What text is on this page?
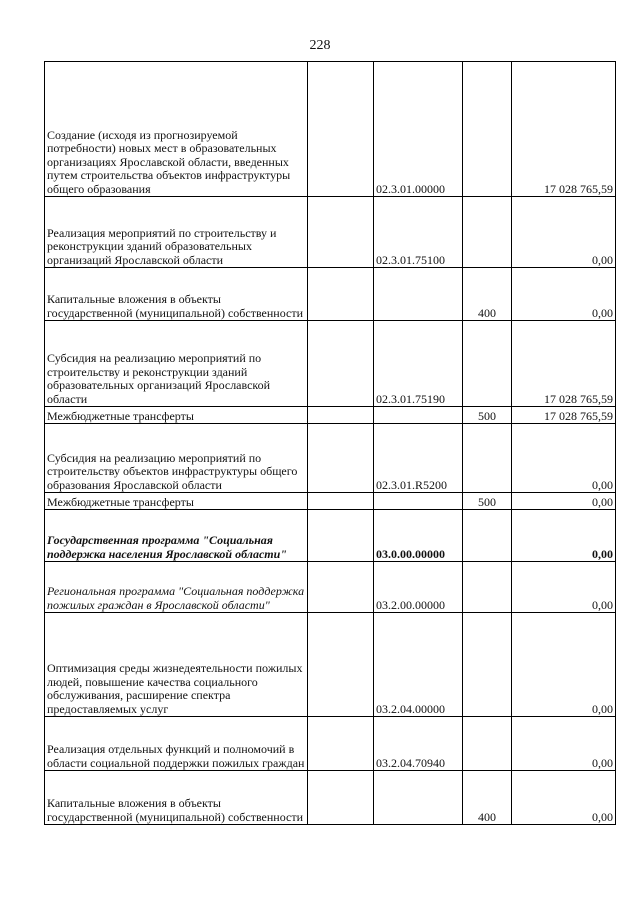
228
Создание (исходя из прогнозируемой потребности) новых мест в образовательных организациях Ярославской области, введенных путем строительства объектов инфраструктуры общего образования		02.3.01.00000		17 028 765,59
Реализация мероприятий по строительству и реконструкции зданий образовательных организаций Ярославской области		02.3.01.75100		0,00
Капитальные вложения в объекты государственной (муниципальной) собственности			400	0,00
Субсидия на реализацию мероприятий по строительству и реконструкции зданий образовательных организаций Ярославской области		02.3.01.75190		17 028 765,59
Межбюджетные трансферты			500	17 028 765,59
Субсидия на реализацию мероприятий по строительству объектов инфраструктуры общего образования Ярославской области		02.3.01.R5200		0,00
Межбюджетные трансферты			500	0,00
Государственная программа "Социальная поддержка населения Ярославской области"		03.0.00.00000		0,00
Региональная программа "Социальная поддержка пожилых граждан в Ярославской области"		03.2.00.00000		0,00
Оптимизация среды жизнедеятельности пожилых людей, повышение качества социального обслуживания, расширение спектра предоставляемых услуг		03.2.04.00000		0,00
Реализация отдельных функций и полномочий в области социальной поддержки пожилых граждан		03.2.04.70940		0,00
Капитальные вложения в объекты государственной (муниципальной) собственности			400	0,00
